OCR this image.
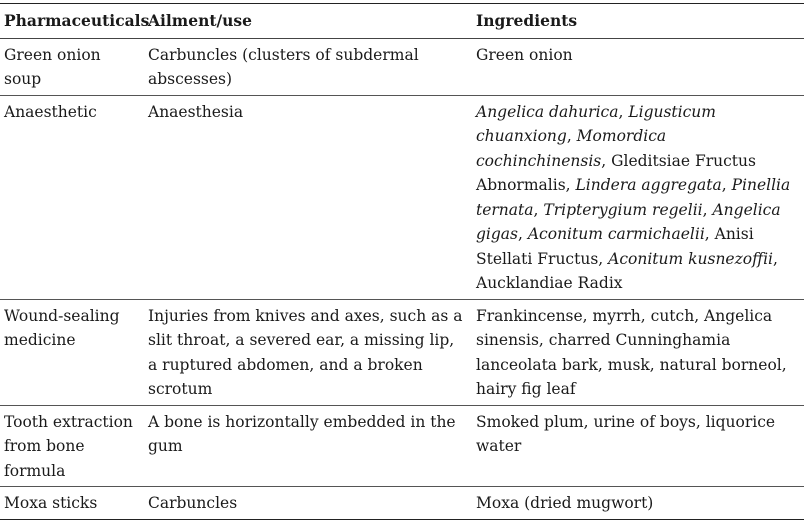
Pharmaceuticals	Ailment/use	Ingredients
Green onion soup	Carbuncles (clusters of subdermal abscesses)	Green onion
Anaesthetic	Anaesthesia	Angelica dahurica, Ligusticum chuanxiong, Momordica cochinchinensis, Gleditsiae Fructus Abnormalis, Lindera aggregata, Pinellia ternata, Tripterygium regelii, Angelica gigas, Aconitum carmichaelii, Anisi Stellati Fructus, Aconitum kusnezoffii, Aucklandiae Radix
Wound-sealing medicine	Injuries from knives and axes, such as a slit throat, a severed ear, a missing lip, a ruptured abdomen, and a broken scrotum	Frankincense, myrrh, cutch, Angelica sinensis, charred Cunninghamia lanceolata bark, musk, natural borneol, hairy fig leaf
Tooth extraction from bone formula	A bone is horizontally embedded in the gum	Smoked plum, urine of boys, liquorice water
Moxa sticks	Carbuncles	Moxa (dried mugwort)
